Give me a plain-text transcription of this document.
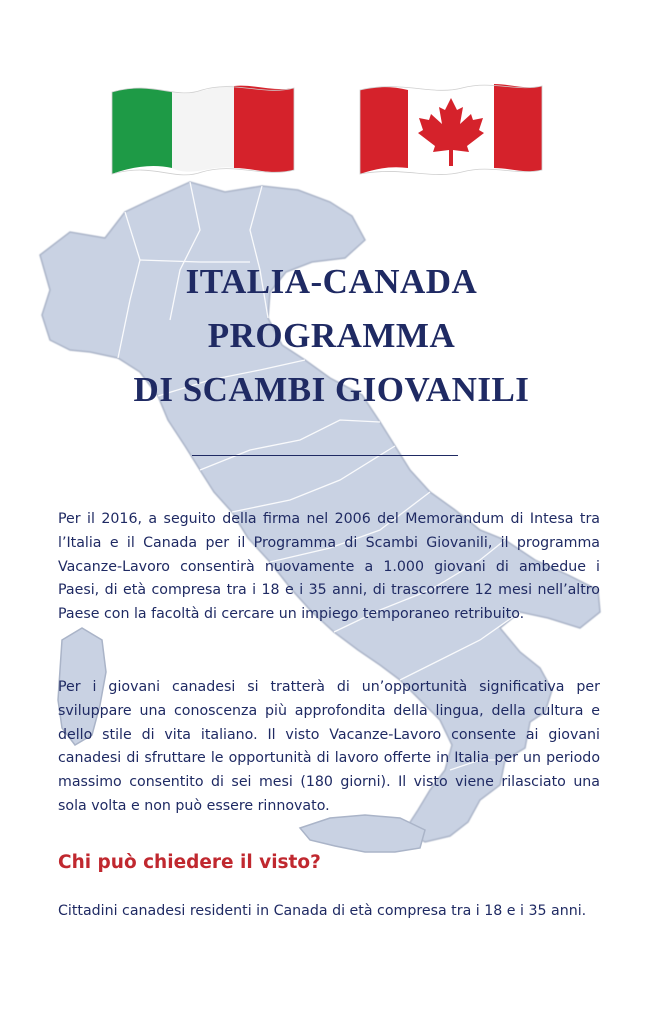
ITALIA-CANADA
PROGRAMMA
DI SCAMBI GIOVANILI

Per il 2016, a seguito della firma nel 2006 del Memorandum di Intesa tra l’Italia e il Canada per il Programma di Scambi Giovanili, il programma Vacanze-Lavoro consentirà nuovamente a 1.000 giovani di ambedue i Paesi, di età compresa tra i 18 e i 35 anni, di trascorrere 12 mesi nell’altro Paese con la facoltà di cercare un impiego temporaneo retribuito.

Per i giovani canadesi si tratterà di un’opportunità significativa per sviluppare una conoscenza più approfondita della lingua, della cultura e dello stile di vita italiano. Il visto Vacanze-Lavoro consente ai giovani canadesi di sfruttare le opportunità di lavoro offerte in Italia per un periodo massimo consentito di sei mesi (180 giorni). Il visto viene rilasciato una sola volta e non può essere rinnovato.

Chi può chiedere il visto?

Cittadini canadesi residenti in Canada di età compresa tra i 18 e i 35 anni.
